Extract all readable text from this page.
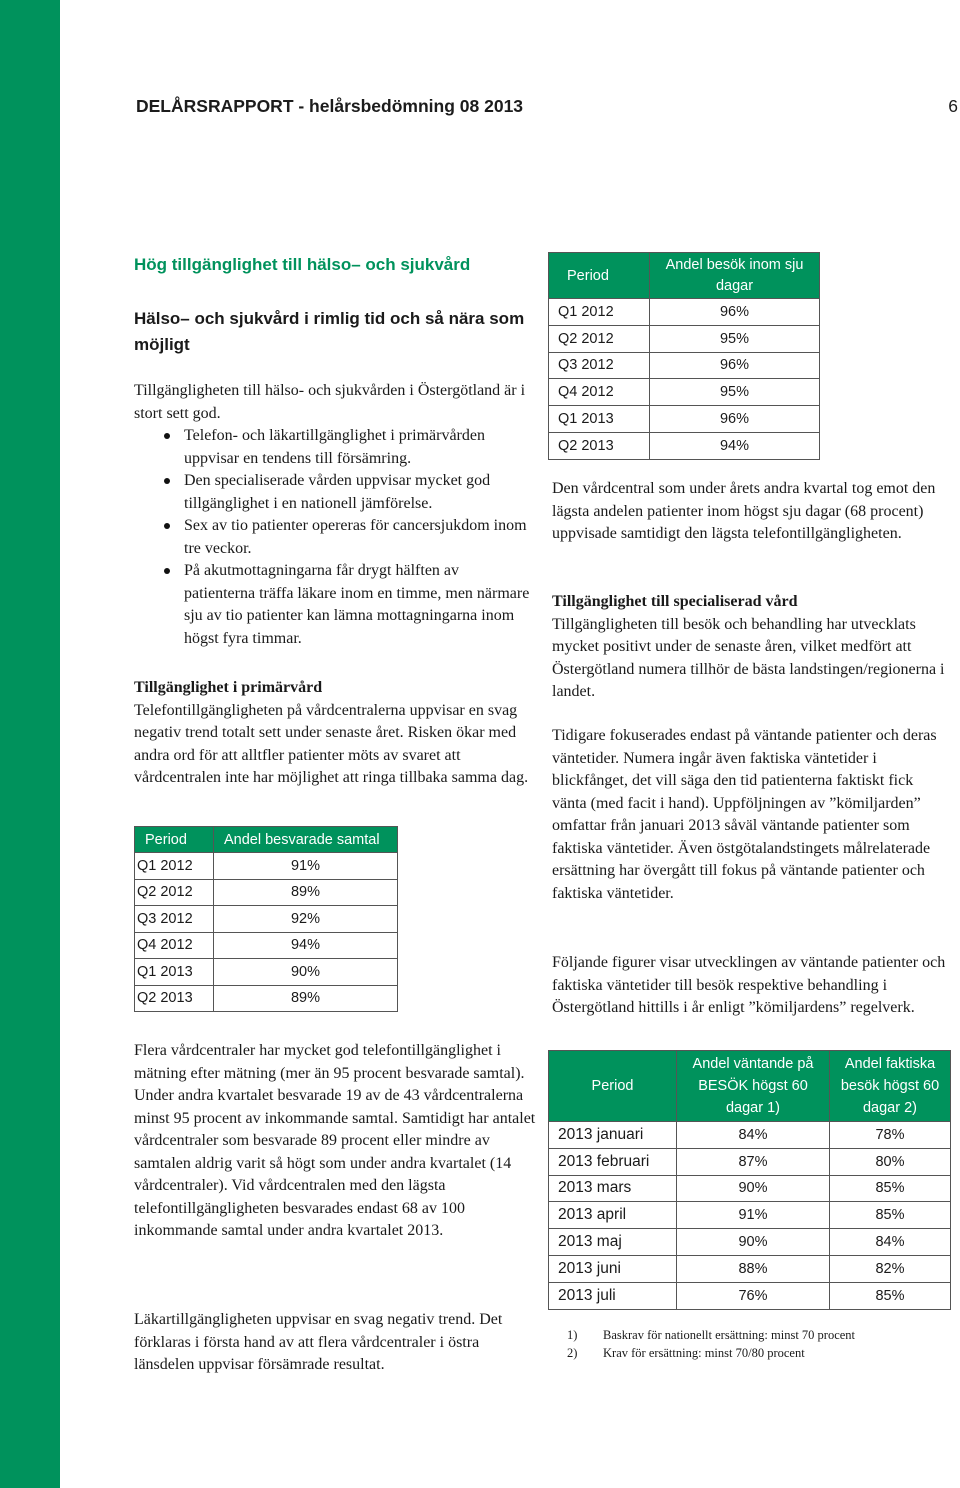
DELÅRSRAPPORT - helårsbedömning 08 2013	6
Hög tillgänglighet till hälso– och sjukvård
Hälso– och sjukvård i rimlig tid och så nära som möjligt
Tillgängligheten till hälso- och sjukvården i Östergötland är i stort sett god.
Telefon- och läkartillgänglighet i primärvården uppvisar en tendens till försämring.
Den specialiserade vården uppvisar mycket god tillgänglighet i en nationell jämförelse.
Sex av tio patienter opereras för cancersjukdom inom tre veckor.
På akutmottagningarna får drygt hälften av patienterna träffa läkare inom en timme, men närmare sju av tio patienter kan lämna mottagningarna inom högst fyra timmar.
Tillgänglighet i primärvård
Telefontillgängligheten på vårdcentralerna uppvisar en svag negativ trend totalt sett under senaste året. Risken ökar med andra ord för att alltfler patienter möts av svaret att vårdcentralen inte har möjlighet att ringa tillbaka samma dag.
Period	Andel besvarade samtal
Q1 2012	91%
Q2 2012	89%
Q3 2012	92%
Q4 2012	94%
Q1 2013	90%
Q2 2013	89%
Flera vårdcentraler har mycket god telefontillgänglighet i mätning efter mätning (mer än 95 procent besvarade samtal). Under andra kvartalet besvarade 19 av de 43 vårdcentralerna minst 95 procent av inkommande samtal. Samtidigt har antalet vårdcentraler som besvarade 89 procent eller mindre av samtalen aldrig varit så högt som under andra kvartalet (14 vårdcentraler). Vid vårdcentralen med den lägsta telefontillgängligheten besvarades endast 68 av 100 inkommande samtal under andra kvartalet 2013.
Läkartillgängligheten uppvisar en svag negativ trend. Det förklaras i första hand av att flera vårdcentraler i östra länsdelen uppvisar försämrade resultat.
Period	Andel besök inom sju dagar
Q1 2012	96%
Q2 2012	95%
Q3 2012	96%
Q4 2012	95%
Q1 2013	96%
Q2 2013	94%
Den vårdcentral som under årets andra kvartal tog emot den lägsta andelen patienter inom högst sju dagar (68 procent) uppvisade samtidigt den lägsta telefontillgängligheten.
Tillgänglighet till specialiserad vård
Tillgängligheten till besök och behandling har utvecklats mycket positivt under de senaste åren, vilket medfört att Östergötland numera tillhör de bästa landstingen/regionerna i landet.
Tidigare fokuserades endast på väntande patienter och deras väntetider. Numera ingår även faktiska väntetider i blickfånget, det vill säga den tid patienterna faktiskt fick vänta (med facit i hand). Uppföljningen av ”kömiljarden” omfattar från januari 2013 såväl väntande patienter som faktiska väntetider. Även östgötalandstingets målrelaterade ersättning har övergått till fokus på väntande patienter och faktiska väntetider.
Följande figurer visar utvecklingen av väntande patienter och faktiska väntetider till besök respektive behandling i Östergötland hittills i år enligt ”kömiljardens” regelverk.
Period	Andel väntande på BESÖK högst 60 dagar 1)	Andel faktiska besök högst 60 dagar 2)
2013 januari	84%	78%
2013 februari	87%	80%
2013 mars	90%	85%
2013 april	91%	85%
2013 maj	90%	84%
2013 juni	88%	82%
2013 juli	76%	85%
1) Baskrav för nationellt ersättning: minst 70 procent
2) Krav för ersättning: minst 70/80 procent
